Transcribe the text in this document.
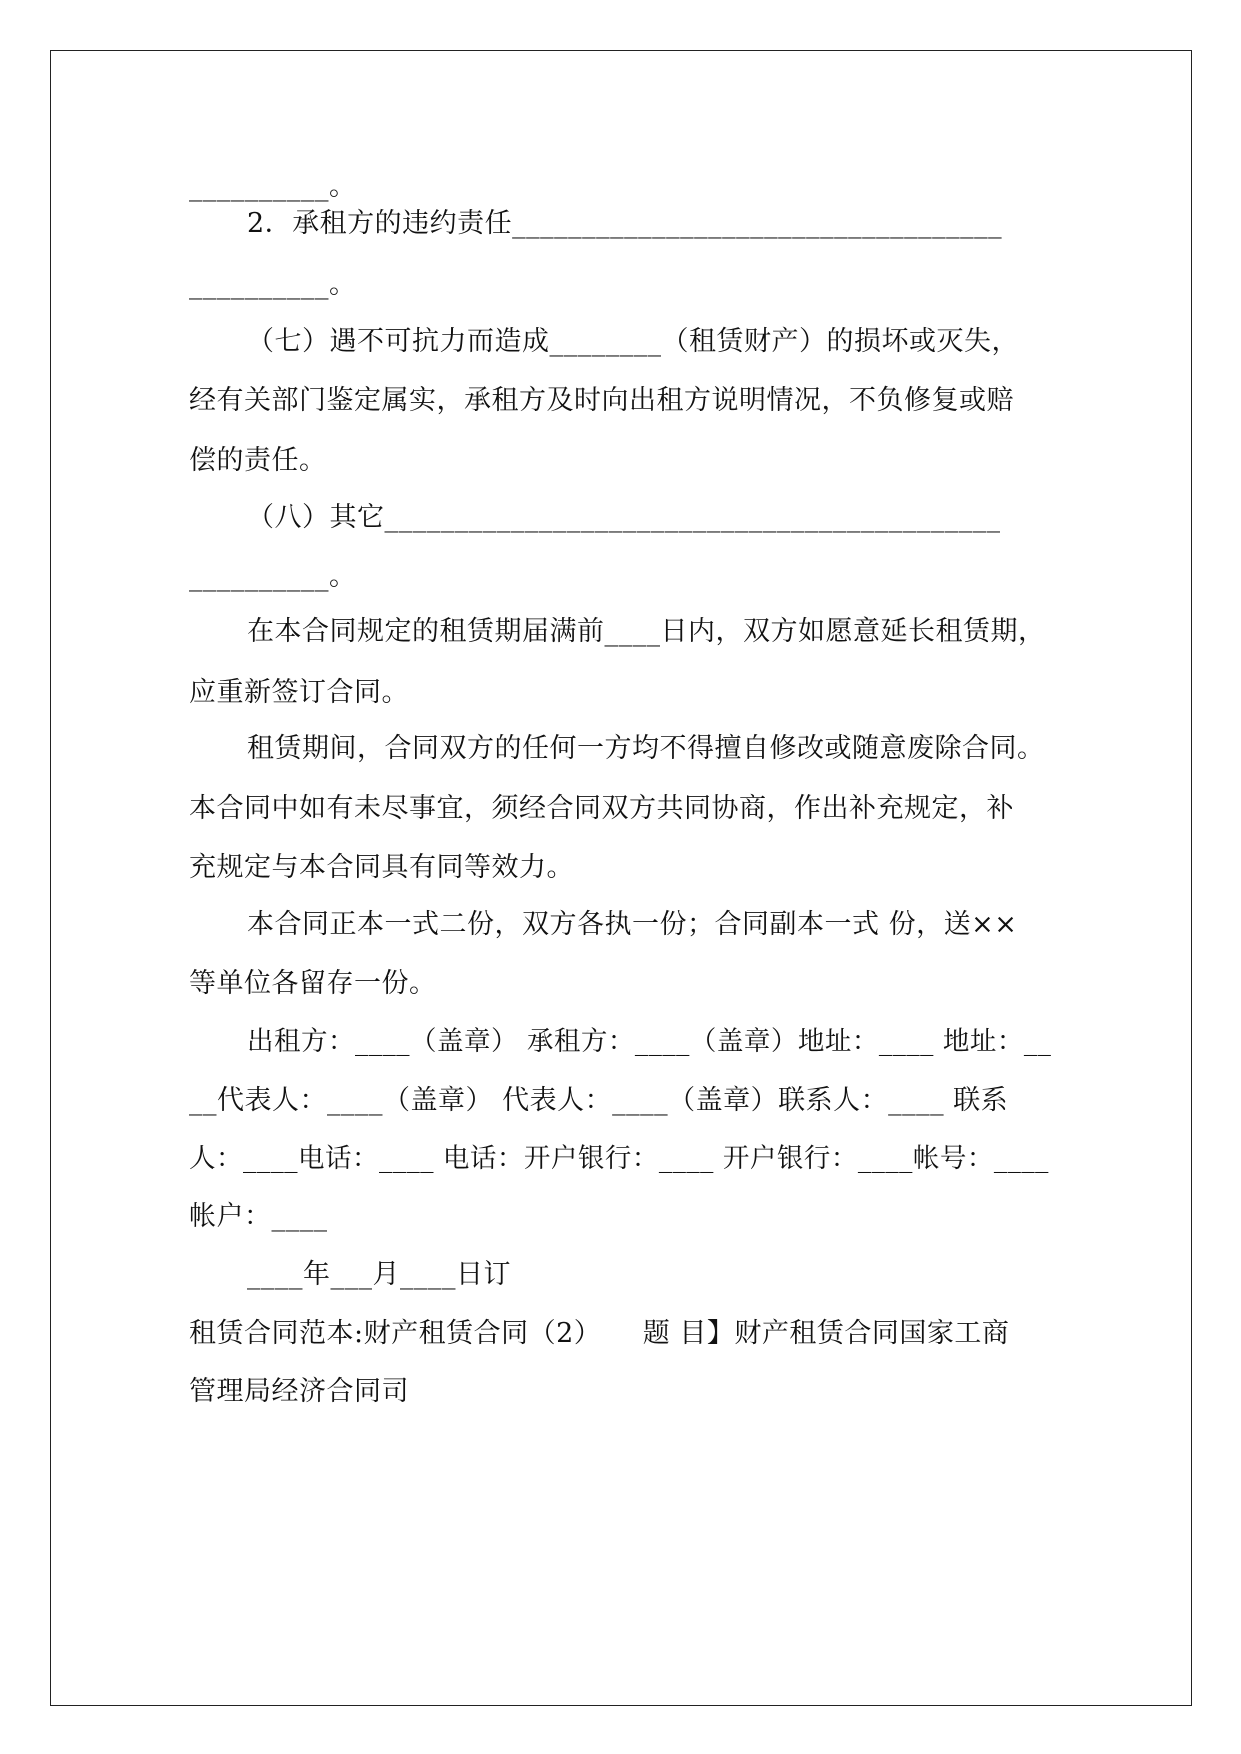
__________。
2．承租方的违约责任___________________________________
__________。
（七）遇不可抗力而造成________（租赁财产）的损坏或灭失，
经有关部门鉴定属实，承租方及时向出租方说明情况，不负修复或赔
偿的责任。
（八）其它____________________________________________
__________。
在本合同规定的租赁期届满前____日内，双方如愿意延长租赁期，
应重新签订合同。
租赁期间，合同双方的任何一方均不得擅自修改或随意废除合同。
本合同中如有未尽事宜，须经合同双方共同协商，作出补充规定，补
充规定与本合同具有同等效力。
本合同正本一式二份，双方各执一份；合同副本一式 份，送××
等单位各留存一份。
出租方：____（盖章） 承租方：____（盖章）地址：____ 地址：__
__代表人：____（盖章） 代表人：____（盖章）联系人：____ 联系
人：____电话：____ 电话：开户银行：____ 开户银行：____帐号：____
帐户：____
____年___月____日订
租赁合同范本:财产租赁合同（2）　　题 目】财产租赁合同国家工商
管理局经济合同司
